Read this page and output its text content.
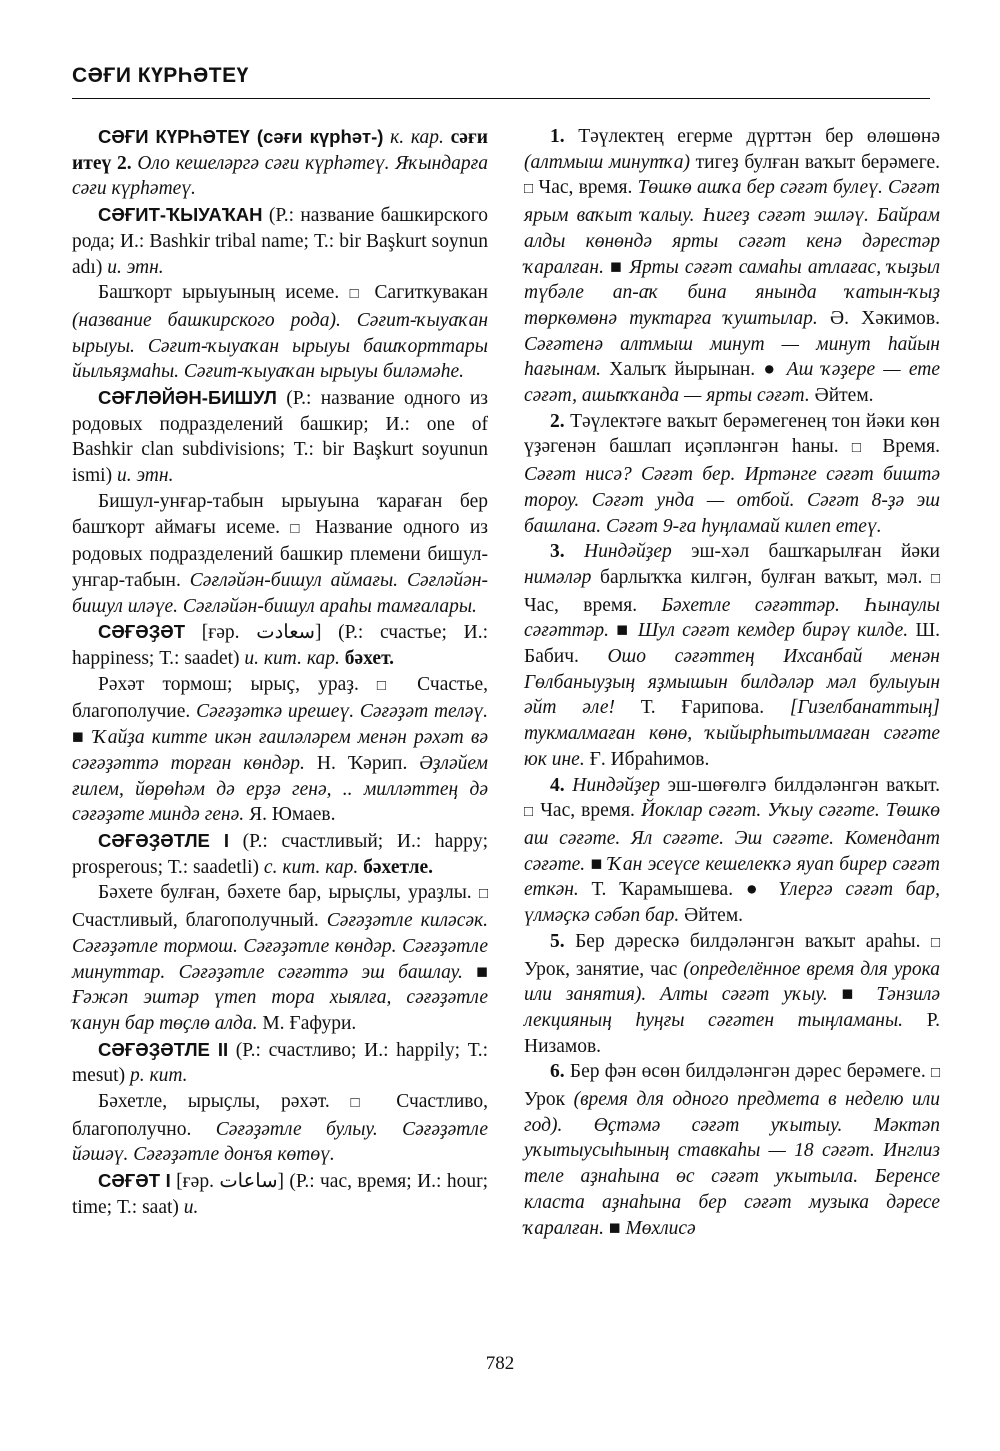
СӘҒИ КҮРҺӘТЕҮ

СӘҒИ КҮРҺӘТЕҮ (сәғи күрһәт-) к. кар. сәғи итеү 2. Оло кешеләргә сәғи күрһәтеү. Яҡындарға сәғи күрһәтеү.

СӘҒИТ-ҠЫУАҠАН (Р.: название башкирского рода; И.: Bashkir tribal name; Т.: bir Başkurt soynun adı) и. этн.

Башҡорт ырыуының исеме. □ Сагиткувакан (название башкирского рода). Сәғит-ҡыуаҡан ырыуы. Сәғит-ҡыуаҡан ырыуы башҡорттары йыльяҙмаһы. Сәғит-ҡыуаҡан ырыуы биләмәһе.

СӘҒЛӘЙӘН-БИШУЛ (Р.: название одного из родовых подразделений башкир; И.: one of Bashkir clan subdivisions; Т.: bir Başkurt soyunun ismi) и. этн.

Бишул-унғар-табын ырыуына ҡараған бер башҡорт аймағы исеме. □ Название одного из родовых подразделений башкир племени бишул-унгар-табын. Сәғләйән-бишул аймағы. Сәғләйән-бишул иләүе. Сәғләйән-бишул араһы тамғалары.

СӘҒӘҘӘТ [ғәр. سعادت] (Р.: счастье; И.: happiness; Т.: saadet) и. кит. кар. бәхет.

Рәхәт тормош; ырыҫ, ураҙ. □ Счастье, благополучие. Сәғәҙәткә ирешеү. Сәғәҙәт теләү. ■ Ҡайҙа китте икән ғаиләләрем менән рәхәт вә сәғәҙәттә торған көндәр. Н. Ҡәрип. Әҙләйем ғилем, йөрөһәм дә ерҙә генә, .. милләттең дә сәғәҙәте миндә генә. Я. Юмаев.

СӘҒӘҘӘТЛЕ I (Р.: счастливый; И.: happy; prosperous; Т.: saadetli) с. кит. кар. бәхетле.

Бәхете булған, бәхете бар, ырыҫлы, ураҙлы. □ Счастливый, благополучный. Сәғәҙәтле киләсәк. Сәғәҙәтле тормош. Сәғәҙәтле көндәр. Сәғәҙәтле минуттар. Сәғәҙәтле сәғәттә эш башлау. ■ Ғәжәп эштәр үтеп тора хыялға, сәғәҙәтле ҡанун бар төҫлө алда. М. Ғафури.

СӘҒӘҘӘТЛЕ II (Р.: счастливо; И.: happily; Т.: mesut) р. кит.

Бәхетле, ырыҫлы, рәхәт. □ Счастливо, благополучно. Сәғәҙәтле булыу. Сәғәҙәтле йәшәү. Сәғәҙәтле донъя көтөү.

СӘҒӘТ I [ғәр. ساعات] (Р.: час, время; И.: hour; time; Т.: saat) и.

1. Тәүлектең егерме дүрттән бер өлөшөнә (алтмыш минутҡа) тигеҙ булған ваҡыт берәмеге. □ Час, время. Төшкө ашҡа бер сәғәт булеү. Сәғәт ярым ваҡыт ҡалыу. Һигеҙ сәғәт эшләү. Байрам алды көнөндә ярты сәғәт кенә дәрестәр ҡаралған. ■ Ярты сәғәт самаһы атлағас, ҡыҙыл түбәле ап-аҡ бина янында ҡатын-ҡыҙ төркөмөнә туктарға ҡуштылар. Ә. Хәкимов. Сәғәтенә алтмыш минут — минут һайын һағынам. Халыҡ йырынан. ● Аш ҡәҙере — ете сәғәт, ашыҡҡанда — ярты сәғәт. Әйтем.

2. Тәүлектәге ваҡыт берәмегенең тон йәки көн үҙәгенән башлап иҫәпләнгән һаны. □ Время. Сәғәт нисә? Сәғәт бер. Иртәнге сәғәт биштә тороу. Сәғәт унда — отбой. Сәғәт 8-ҙә эш башлана. Сәғәт 9-ға һуңламай килеп етеү.

3. Ниндәйҙер эш-хәл башҡарылған йәки нимәләр барлыҡҡа килгән, булған ваҡыт, мәл. □ Час, время. Бәхетле сәғәттәр. Һынаулы сәғәттәр. ■ Шул сәғәт кемдер бирәү килде. Ш. Бабич. Ошо сәғәттең Ихсанбай менән Гөлбаныуҙың яҙмышын билдәләр мәл булыуын әйт әле! Т. Ғарипова. [Гизелбанаттың] тукмалмаған көнө, ҡыйырһытылмаған сәғәте юк ине. Ғ. Ибраһимов.

4. Ниндәйҙер эш-шөғөлгә билдәләнгән ваҡыт. □ Час, время. Йоклар сәғәт. Уҡыу сәғәте. Төшкө аш сәғәте. Ял сәғәте. Эш сәғәте. Комендант сәғәте. ■ Ҡан эсеүсе кешелекҡә яуап бирер сәғәт еткән. Т. Ҡарамышева. ● Үлергә сәғәт бар, үлмәҫкә сәбәп бар. Әйтем.

5. Бер дәрескә билдәләнгән ваҡыт араһы. □ Урок, занятие, час (определённое время для урока или занятия). Алты сәғәт уҡыу. ■ Тәнзилә лекцияның һуңғы сәғәтен тыңламаны. Р. Низамов.

6. Бер фән өсөн билдәләнгән дәрес берәмеге. □ Урок (время для одного предмета в неделю или год). Өҫтәмә сәғәт уҡытыу. Мәктәп уҡытыусыһының ставкаһы — 18 сәғәт. Инглиз теле аҙнаһына өс сәғәт уҡытыла. Беренсе класта аҙнаһына бер сәғәт музыка дәресе ҡаралған. ■ Мөхлисә

782
